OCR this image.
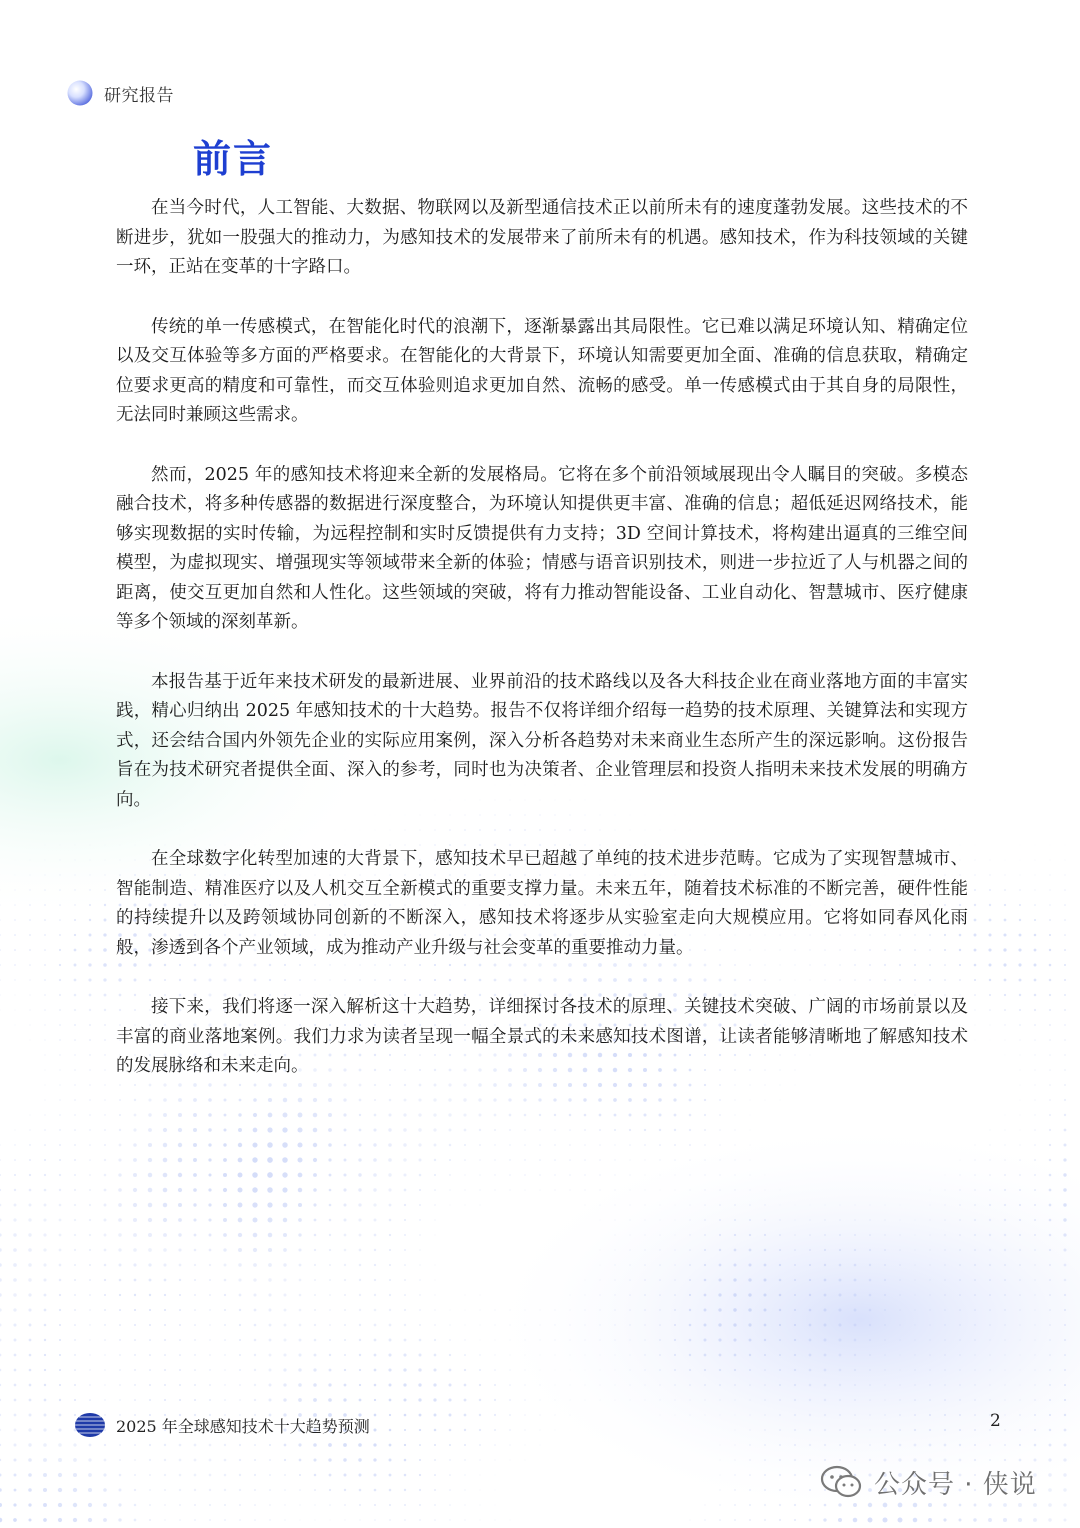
研究报告
前言

在当今时代，人工智能、大数据、物联网以及新型通信技术正以前所未有的速度蓬勃发展。这些技术的不断进步，犹如一股强大的推动力，为感知技术的发展带来了前所未有的机遇。感知技术，作为科技领域的关键一环，正站在变革的十字路口。

传统的单一传感模式，在智能化时代的浪潮下，逐渐暴露出其局限性。它已难以满足环境认知、精确定位以及交互体验等多方面的严格要求。在智能化的大背景下，环境认知需要更加全面、准确的信息获取，精确定位要求更高的精度和可靠性，而交互体验则追求更加自然、流畅的感受。单一传感模式由于其自身的局限性，无法同时兼顾这些需求。

然而，2025 年的感知技术将迎来全新的发展格局。它将在多个前沿领域展现出令人瞩目的突破。多模态融合技术，将多种传感器的数据进行深度整合，为环境认知提供更丰富、准确的信息；超低延迟网络技术，能够实现数据的实时传输，为远程控制和实时反馈提供有力支持；3D 空间计算技术，将构建出逼真的三维空间模型，为虚拟现实、增强现实等领域带来全新的体验；情感与语音识别技术，则进一步拉近了人与机器之间的距离，使交互更加自然和人性化。这些领域的突破，将有力推动智能设备、工业自动化、智慧城市、医疗健康等多个领域的深刻革新。

本报告基于近年来技术研发的最新进展、业界前沿的技术路线以及各大科技企业在商业落地方面的丰富实践，精心归纳出 2025 年感知技术的十大趋势。报告不仅将详细介绍每一趋势的技术原理、关键算法和实现方式，还会结合国内外领先企业的实际应用案例，深入分析各趋势对未来商业生态所产生的深远影响。这份报告旨在为技术研究者提供全面、深入的参考，同时也为决策者、企业管理层和投资人指明未来技术发展的明确方向。

在全球数字化转型加速的大背景下，感知技术早已超越了单纯的技术进步范畴。它成为了实现智慧城市、智能制造、精准医疗以及人机交互全新模式的重要支撑力量。未来五年，随着技术标准的不断完善，硬件性能的持续提升以及跨领域协同创新的不断深入，感知技术将逐步从实验室走向大规模应用。它将如同春风化雨般，渗透到各个产业领域，成为推动产业升级与社会变革的重要推动力量。

接下来，我们将逐一深入解析这十大趋势，详细探讨各技术的原理、关键技术突破、广阔的市场前景以及丰富的商业落地案例。我们力求为读者呈现一幅全景式的未来感知技术图谱，让读者能够清晰地了解感知技术的发展脉络和未来走向。

2025 年全球感知技术十大趋势预测	2
公众号 · 侠说
